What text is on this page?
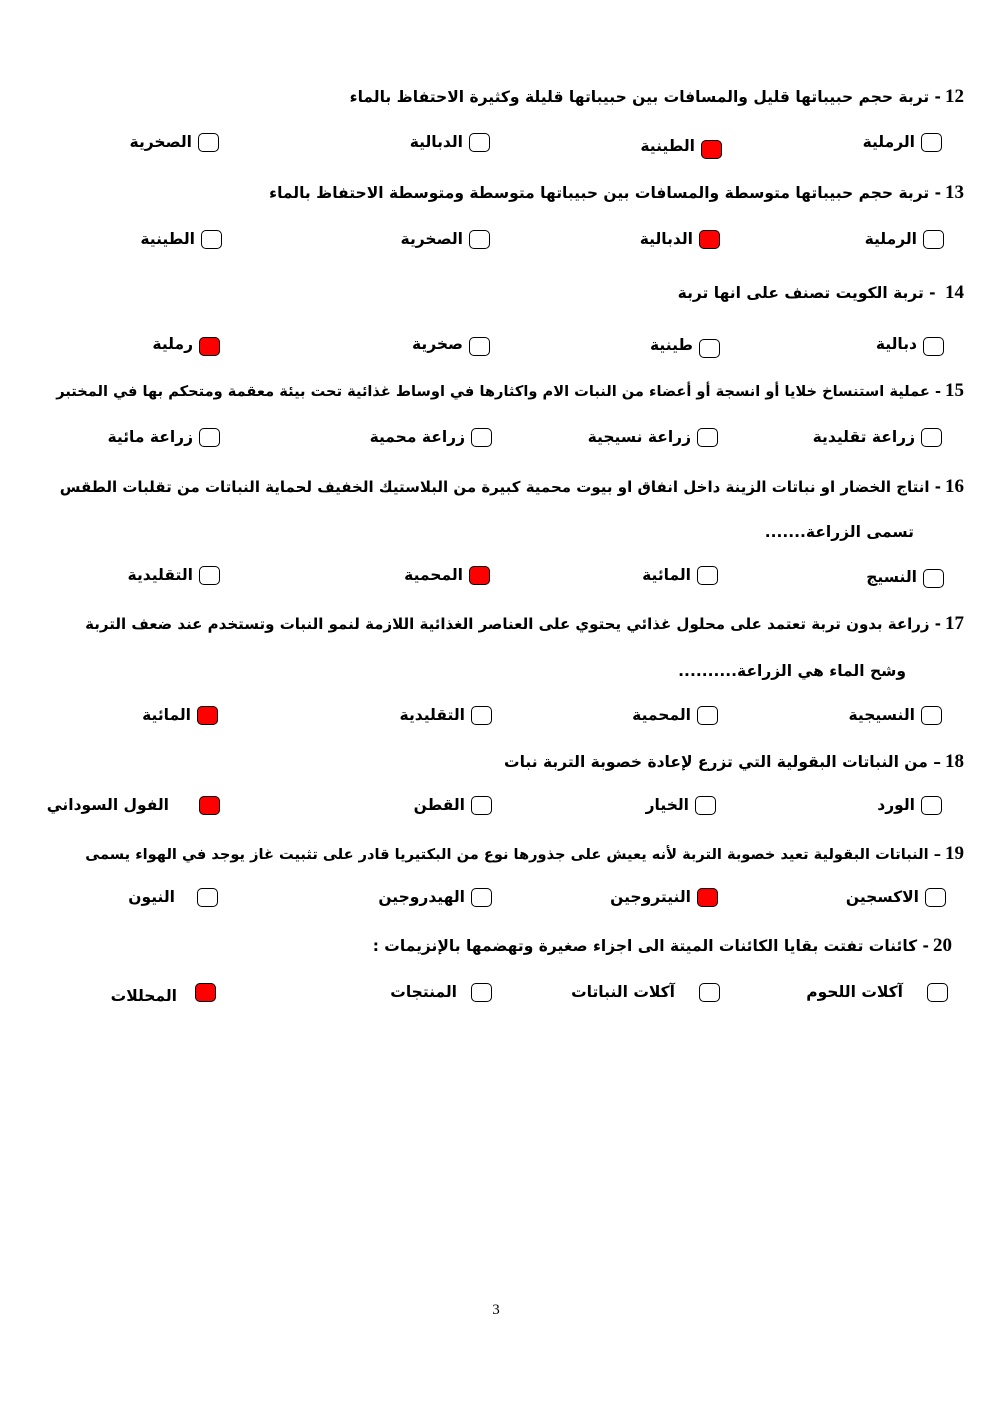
12- تربة حجم حبيباتها قليل والمسافات بين حبيباتها قليلة وكثيرة الاحتفاظ بالماء
الرملية
الطينية
الدبالية
الصخرية
13- تربة حجم حبيباتها متوسطة والمسافات بين حبيباتها متوسطة ومتوسطة الاحتفاظ بالماء
الرملية
الدبالية
الصخرية
الطينية
14 - تربة الكويت تصنف على انها تربة
دبالية
طينية
صخرية
رملية
15- عملية استنساخ خلايا أو انسجة أو أعضاء من النبات الام واكثارها في اوساط غذائية تحت بيئة معقمة ومتحكم بها في المختبر
زراعة تقليدية
زراعة نسيجية
زراعة محمية
زراعة مائية
16- انتاج الخضار او نباتات الزينة داخل انفاق او بيوت محمية كبيرة من البلاستيك الخفيف لحماية النباتات من تقلبات الطقس
تسمى الزراعة.......
النسيج
المائية
المحمية
التقليدية
17- زراعة بدون تربة تعتمد على محلول غذائي يحتوي على العناصر الغذائية اللازمة لنمو النبات وتستخدم عند ضعف التربة
وشح الماء هي الزراعة..........
النسيجية
المحمية
التقليدية
المائية
18– من النباتات البقولية التي تزرع لإعادة خصوبة التربة نبات
الورد
الخيار
القطن
الفول السوداني
19– النباتات البقولية تعيد خصوبة التربة لأنه يعيش على جذورها نوع من البكتيريا قادر على تثبيت غاز يوجد في الهواء يسمى
الاكسجين
النيتروجين
الهيدروجين
النيون
20- كائنات تفتت بقايا الكائنات الميتة الى اجزاء صغيرة وتهضمها بالإنزيمات :
آكلات اللحوم
آكلات النباتات
المنتجات
المحللات
3
